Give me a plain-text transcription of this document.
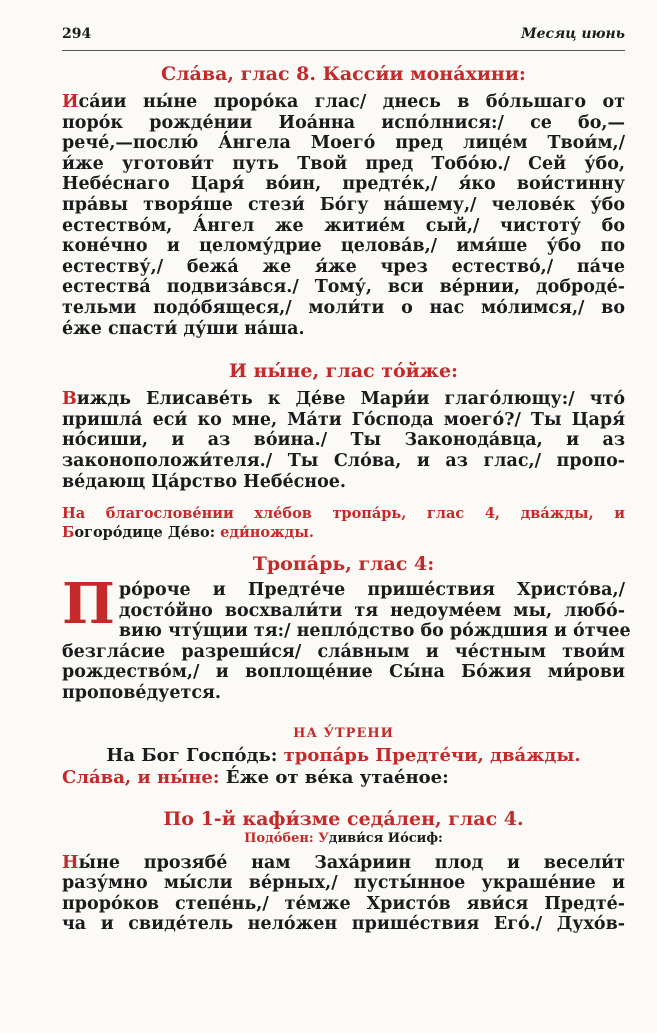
294	Месяц июнь

Сла́ва, глас 8. Касси́и мона́хини:

Иса́ии ны́не проро́ка глас/ днесь в бо́льшаго от
поро́к рожде́нии Иоа́нна испо́лнися:/ се бо,—
рече́,—послю́ А́нгела Моего́ пред лице́м Твои́м,/
и́же уготови́т путь Твой пред Тобо́ю./ Сей у́бо,
Небе́снаго Царя́ во́ин, предте́к,/ я́ко вои́стинну
пра́вы творя́ше стези́ Бо́гу на́шему,/ челове́к у́бо
естество́м, А́нгел же житие́м сый,/ чистоту́ бо
коне́чно и целому́дрие целова́в,/ имя́ше у́бо по
естеству́,/ бежа́ же я́же чрез естество́,/ па́че
естества́ подвиза́вся./ Тому́, вси ве́рнии, доброде́-
тельми подо́бящеся,/ моли́ти о нас мо́лимся,/ во
е́же спасти́ ду́ши на́ша.

И ны́не, глас то́йже:

Виждь Елисаве́ть к Де́ве Мари́и глаго́лющу:/ что́
пришла́ еси́ ко мне, Ма́ти Го́спода моего́?/ Ты Царя́
но́сиши, и аз во́ина./ Ты Законода́вца, и аз
законоположи́теля./ Ты Сло́ва, и аз глас,/ пропо-
ве́дающ Ца́рство Небе́сное.
На благослове́нии хле́бов тропа́рь, глас 4, два́жды, и
Богоро́дице Де́во: еди́ножды.

Тропа́рь, глас 4:

П ро́роче и Предте́че прише́ствия Христо́ва,/
досто́йно восхвали́ти тя недоуме́ем мы, любо́-
вию чту́щии тя:/ непло́дство бо ро́ждшия и о́тчее
безгла́сие разреши́ся/ сла́вным и че́стным твои́м
рождество́м,/ и воплоще́ние Сы́на Бо́жия ми́рови
пропове́дуется.

НА У́ТРЕНИ

На Бог Госпо́дь: тропа́рь Предте́чи, два́жды.
Сла́ва, и ны́не: Е́же от ве́ка утае́ное:

По 1-й кафи́зме седа́лен, глас 4.

Подо́бен: Удиви́ся Ио́сиф:

Ны́не прозябе́ нам Заха́риин плод и весели́т
разу́мно мы́сли ве́рных,/ пусты́нное украше́ние и
проро́ков степе́нь,/ те́мже Христо́в яви́ся Предте́-
ча и свиде́тель нело́жен прише́ствия Его́./ Духо́в-
